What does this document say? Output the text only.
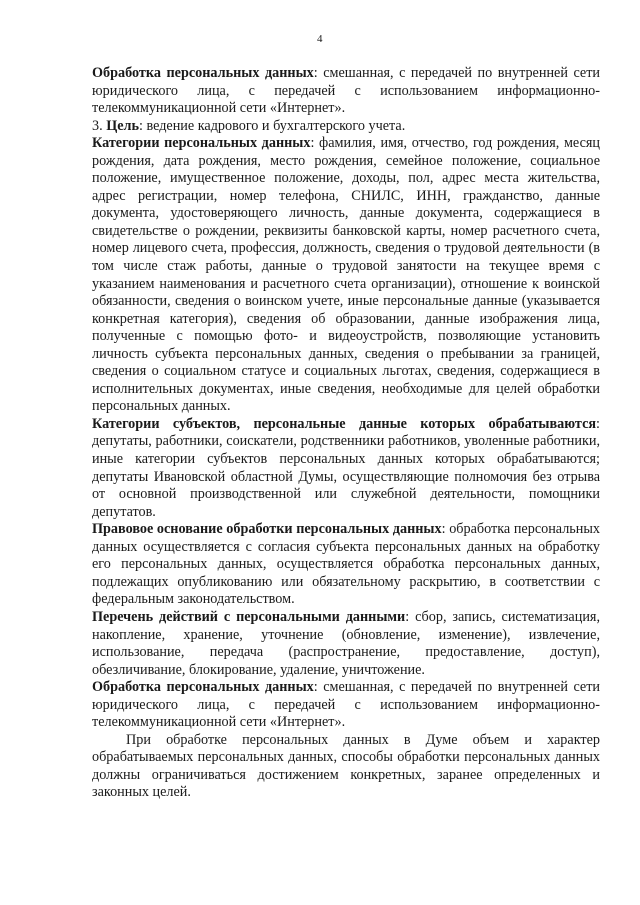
4

Обработка персональных данных: смешанная, с передачей по внутренней сети юридического лица, с передачей с использованием информационно-телекоммуникационной сети «Интернет».

3. Цель: ведение кадрового и бухгалтерского учета.

Категории персональных данных: фамилия, имя, отчество, год рождения, месяц рождения, дата рождения, место рождения, семейное положение, социальное положение, имущественное положение, доходы, пол, адрес места жительства, адрес регистрации, номер телефона, СНИЛС, ИНН, гражданство, данные документа, удостоверяющего личность, данные документа, содержащиеся в свидетельстве о рождении, реквизиты банковской карты, номер расчетного счета, номер лицевого счета, профессия, должность, сведения о трудовой деятельности (в том числе стаж работы, данные о трудовой занятости на текущее время с указанием наименования и расчетного счета организации), отношение к воинской обязанности, сведения о воинском учете, иные персональные данные (указывается конкретная категория), сведения об образовании, данные изображения лица, полученные с помощью фото- и видеоустройств, позволяющие установить личность субъекта персональных данных, сведения о пребывании за границей, сведения о социальном статусе и социальных льготах, сведения, содержащиеся в исполнительных документах, иные сведения, необходимые для целей обработки персональных данных.

Категории субъектов, персональные данные которых обрабатываются: депутаты, работники, соискатели, родственники работников, уволенные работники, иные категории субъектов персональных данных которых обрабатываются; депутаты Ивановской областной Думы, осуществляющие полномочия без отрыва от основной производственной или служебной деятельности, помощники депутатов.

Правовое основание обработки персональных данных: обработка персональных данных осуществляется с согласия субъекта персональных данных на обработку его персональных данных, осуществляется обработка персональных данных, подлежащих опубликованию или обязательному раскрытию, в соответствии с федеральным законодательством.

Перечень действий с персональными данными: сбор, запись, систематизация, накопление, хранение, уточнение (обновление, изменение), извлечение, использование, передача (распространение, предоставление, доступ), обезличивание, блокирование, удаление, уничтожение.

Обработка персональных данных: смешанная, с передачей по внутренней сети юридического лица, с передачей с использованием информационно-телекоммуникационной сети «Интернет».

При обработке персональных данных в Думе объем и характер обрабатываемых персональных данных, способы обработки персональных данных должны ограничиваться достижением конкретных, заранее определенных и законных целей.
